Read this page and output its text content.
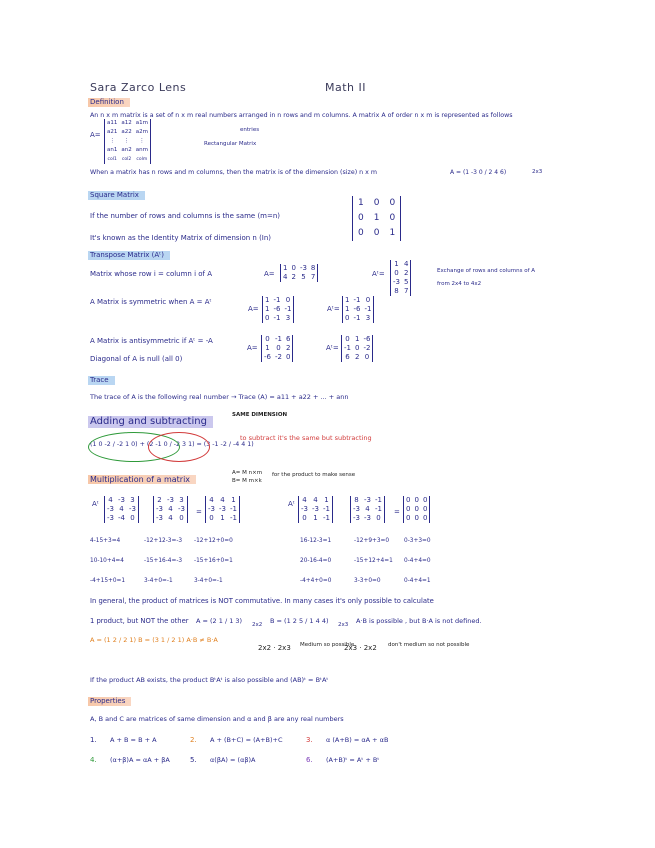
Sara Zarco Lens	Math II
Definition
An n x m matrix is a set of n x m real numbers arranged in n rows and m columns. A matrix A of order n x m is represented as follows
A=
a11	a12	a1m
a21	a22	a2m
⋮	⋮	⋮
an1	an2	anm
col1	col2	colm
entries
Rectangular Matrix
When a matrix has n rows and m columns, then the matrix is of the dimension (size) n x m	A = (1 -3 0 / 2 4 6)	2x3
Square Matrix
If the number of rows and columns is the same (m=n)
It's known as the Identity Matrix of dimension n (In)
1	0	0
0	1	0
0	0	1
Transpose Matrix (Aᵗ)
Matrix whose row i = column i of A	A=
1	0	-3	8
4	2	5	7	Aᵗ=
1	4
0	2
-3	5
8	7
Exchange of rows and columns of A
from 2x4 to 4x2
A Matrix is symmetric when A = Aᵗ
A=
1	-1	0
1	-6	-1
0	-1	3
Aᵗ=
1	-1	0
1	-6	-1
0	-1	3
A Matrix is antisymmetric if Aᵗ = -A
Diagonal of A is null (all 0)
A=
0	-1	6
1	0	2
-6	-2	0
Aᵗ=
0	1	-6
-1	0	-2
6	2	0
Trace
The trace of A is the following real number → Trace (A) = a11 + a22 + ... + ann
Adding and subtracting
SAME DIMENSION
(1 0 -2 / -2 1 0) + (2 -1 0 / -2 3 1) = (3 -1 -2 / -4 4 1)
to subtract it's the same but subtracting
Multiplication of a matrix
A= M n×m
B= M m×k
for the product to make sense
Aᵗ 4	-3	3
-3	4	-3
-3	-4	0
2	-3	3
-3	4	-3
-3	4	0
=
4	4	1
-3	-3	-1
0	1	-1
Aᵗ 4	4	1
-3	-3	-1
0	1	-1
8	-3	-1
-3	4	-1
-3	-3	0
=
0	0	0
0	0	0
0	0	0
4-15+3=4	-12+12-3=-3 -12+12+0=0
10-10+4=4	-15+16-4=-3 -15+16+0=1
-4+15+0=1	3-4+0=-1	3-4+0=-1
16-12-3=1	-12+9+3=0	0-3+3=0
20-16-4=0	-15+12+4=1 0-4+4=0
-4+4+0=0	3-3+0=0	0-4+4=1
In general, the product of matrices is NOT commutative. In many cases it's only possible to calculate
1 product, but NOT the other A = (2 1 / 1 3) 2x2 B = (1 2 5 / 1 4 4) 2x3 A·B is possible , but B·A is not defined.
A = (1 2 / 2 1) B = (3 1 / 2 1) A·B ≠ B·A
2x2 · 2x3 Medium so possible
2x3 · 2x2 don't medium so not possible
If the product AB exists, the product BᵗAᵗ is also possible and (AB)ᵗ = BᵗAᵗ
Properties
A, B and C are matrices of same dimension and α and β are any real numbers
1. A + B = B + A	2. A + (B+C) = (A+B)+C	3. α (A+B) = αA + αB
4. (α+β)A = αA + βA	5. α(βA) = (αβ)A	6. (A+B)ᵗ = Aᵗ + Bᵗ
